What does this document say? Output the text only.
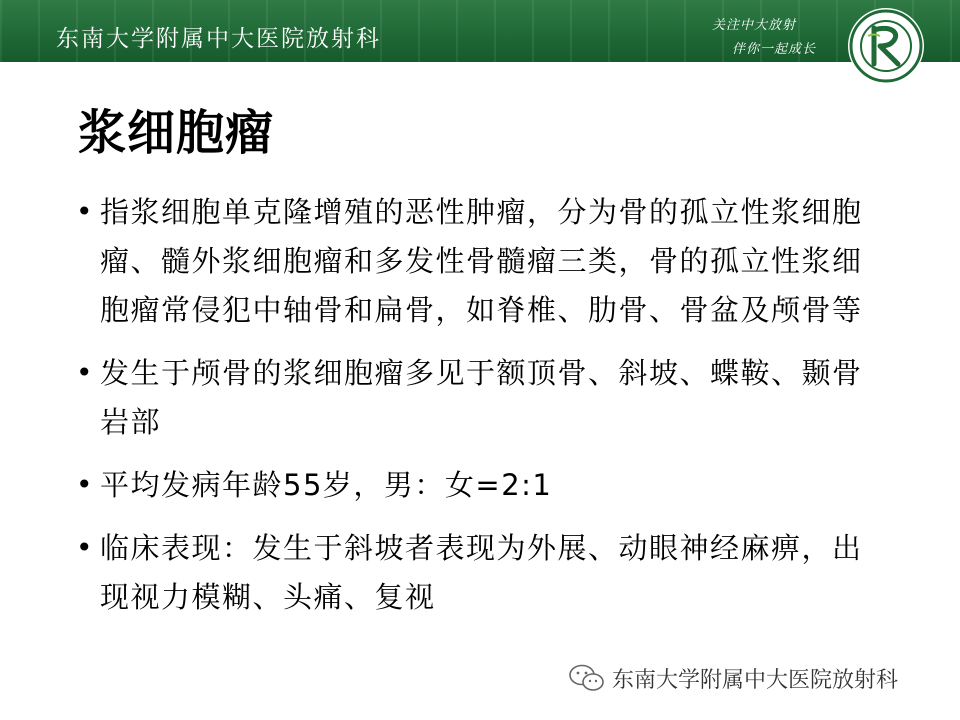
东南大学附属中大医院放射科
关注中大放射
伴你一起成长
浆细胞瘤
• 指浆细胞单克隆增殖的恶性肿瘤，分为骨的孤立性浆细胞瘤、髓外浆细胞瘤和多发性骨髓瘤三类，骨的孤立性浆细胞瘤常侵犯中轴骨和扁骨，如脊椎、肋骨、骨盆及颅骨等
• 发生于颅骨的浆细胞瘤多见于额顶骨、斜坡、蝶鞍、颞骨岩部
• 平均发病年龄55岁，男：女=2:1
• 临床表现：发生于斜坡者表现为外展、动眼神经麻痹，出现视力模糊、头痛、复视
东南大学附属中大医院放射科
